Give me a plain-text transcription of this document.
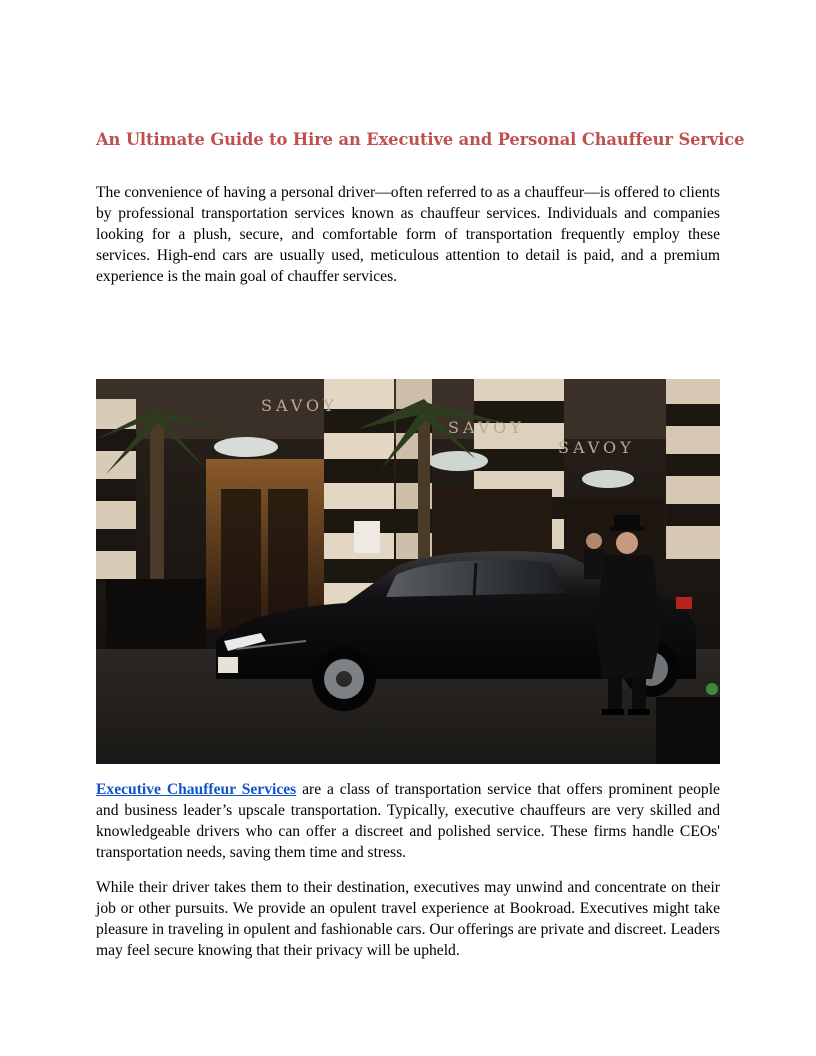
An Ultimate Guide to Hire an Executive and Personal Chauffeur Service

The convenience of having a personal driver—often referred to as a chauffeur—is offered to clients by professional transportation services known as chauffeur services. Individuals and companies looking for a plush, secure, and comfortable form of transportation frequently employ these services. High-end cars are usually used, meticulous attention to detail is paid, and a premium experience is the main goal of chauffer services.

SAVOY
SAVOY
SAVOY

Executive Chauffeur Services are a class of transportation service that offers prominent people and business leader’s upscale transportation. Typically, executive chauffeurs are very skilled and knowledgeable drivers who can offer a discreet and polished service. These firms handle CEOs' transportation needs, saving them time and stress.

While their driver takes them to their destination, executives may unwind and concentrate on their job or other pursuits. We provide an opulent travel experience at Bookroad. Executives might take pleasure in traveling in opulent and fashionable cars. Our offerings are private and discreet. Leaders may feel secure knowing that their privacy will be upheld.
